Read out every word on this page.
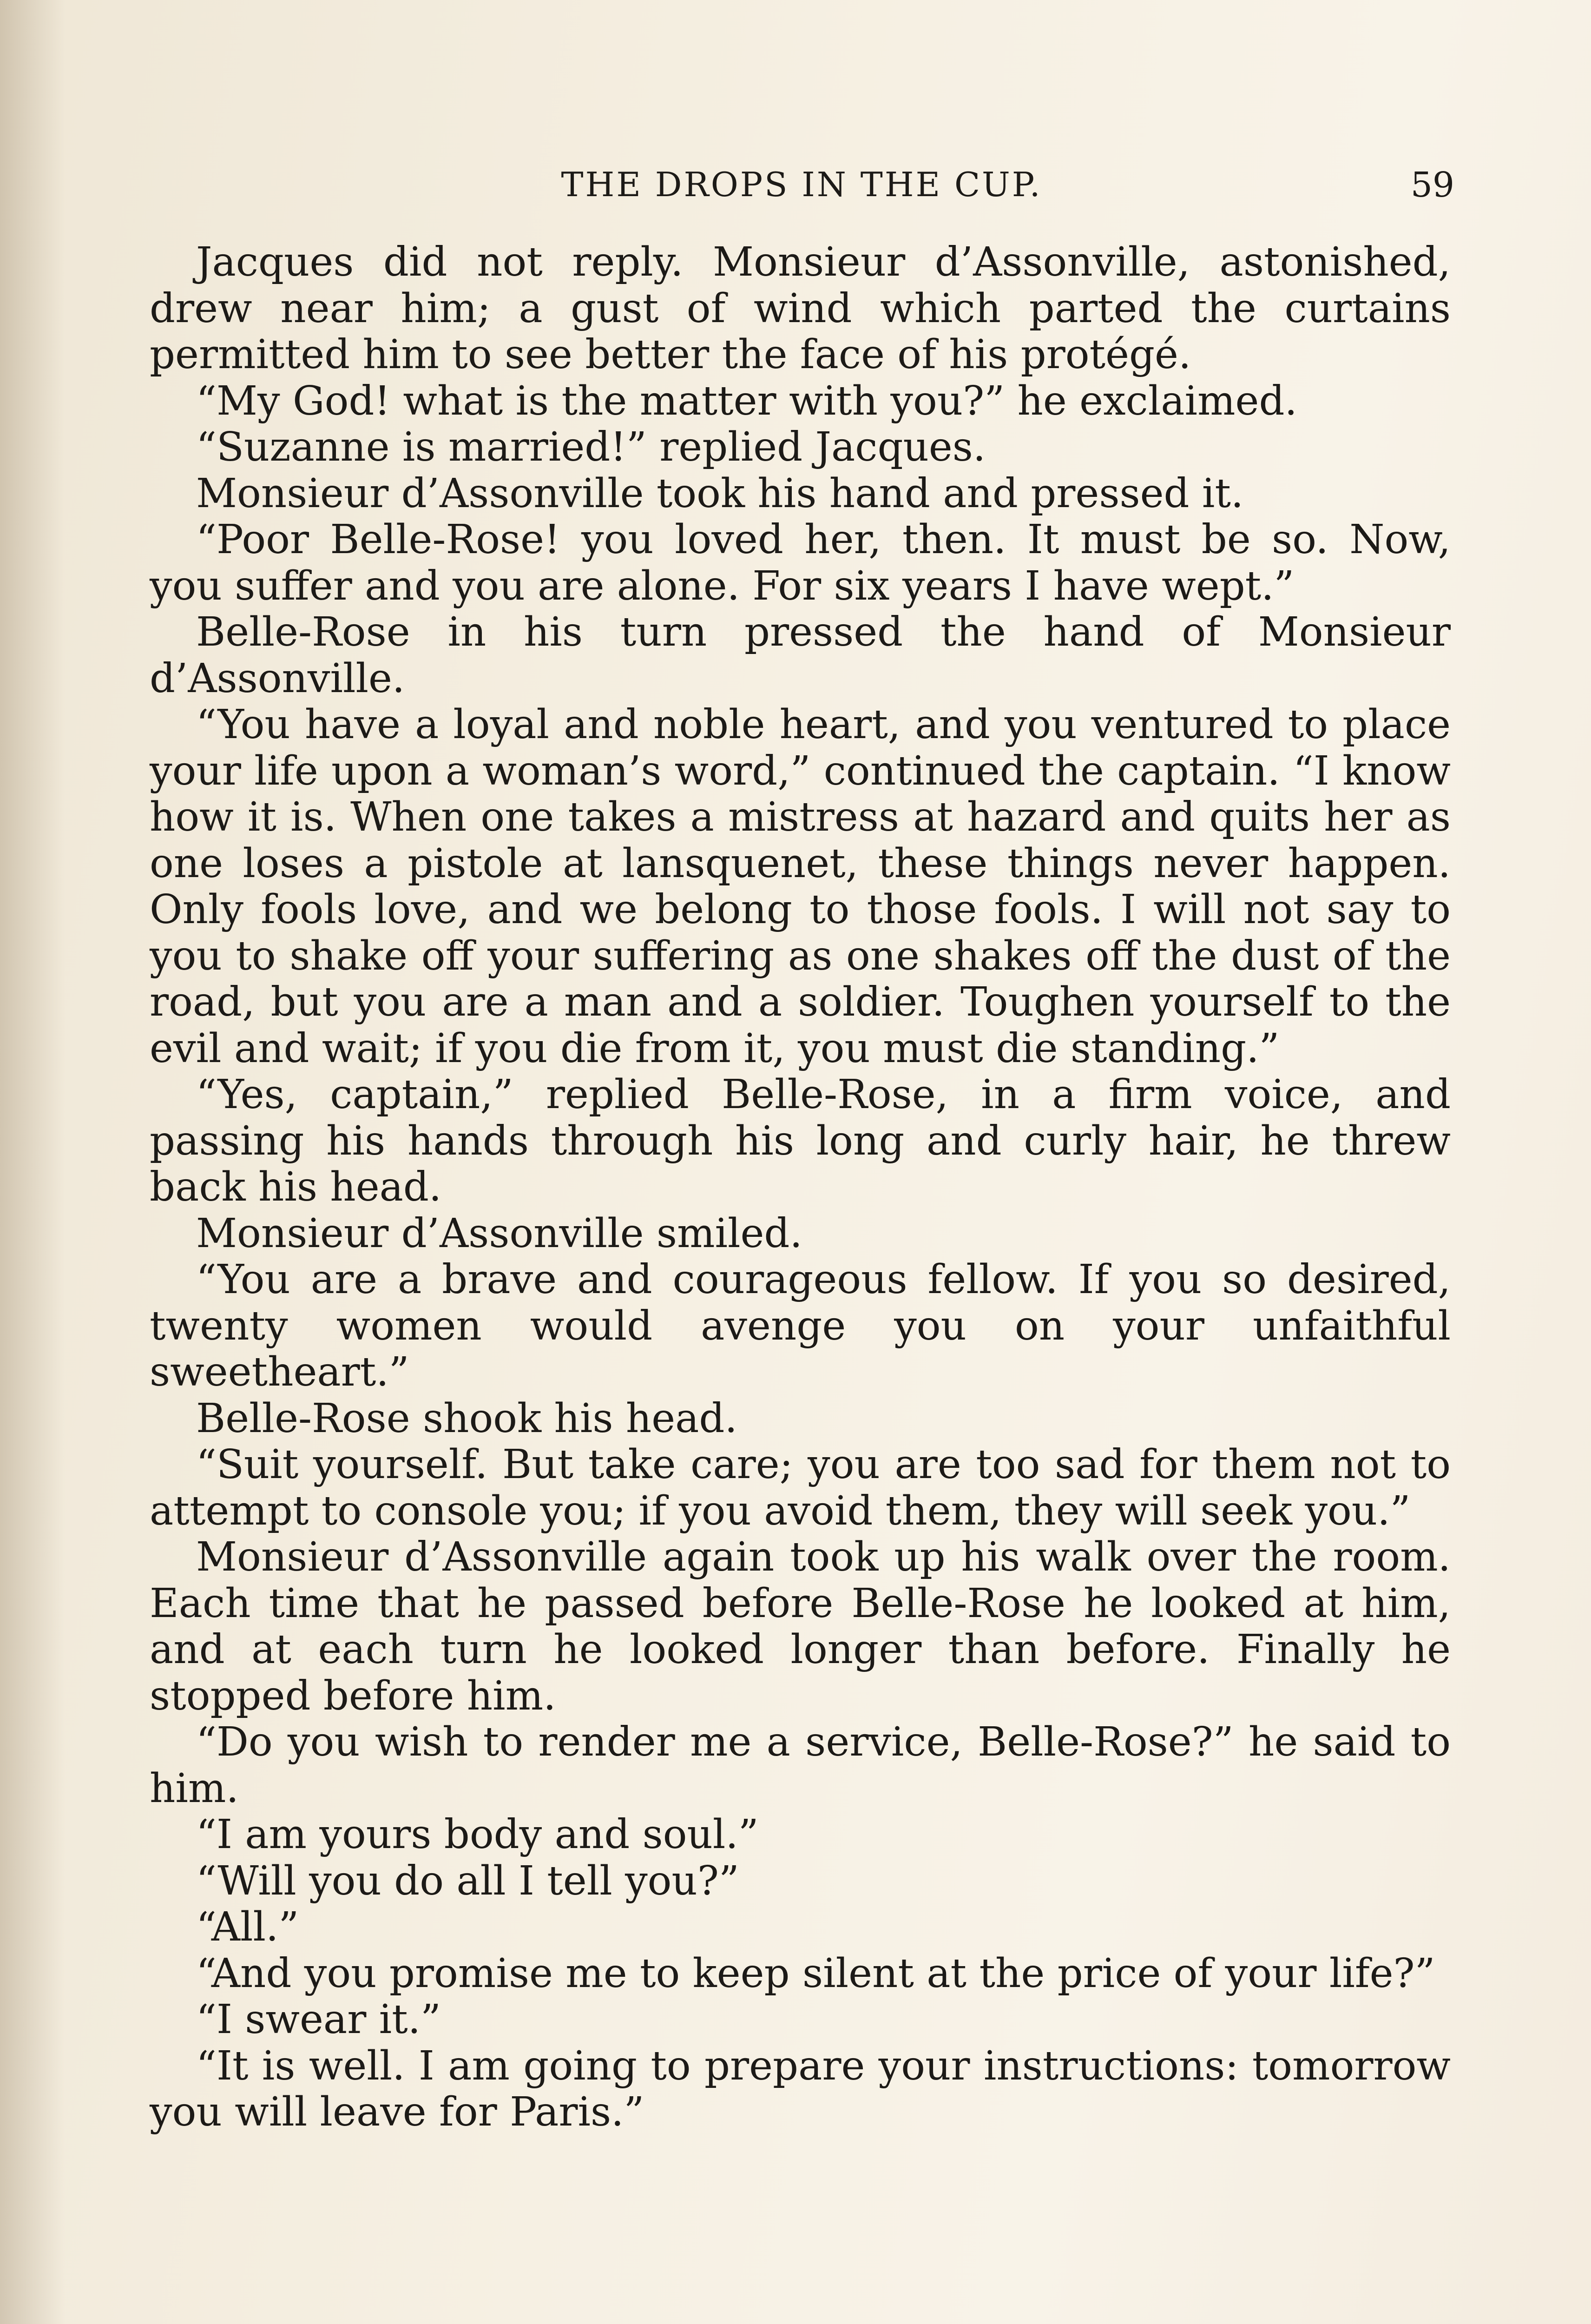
THE DROPS IN THE CUP.	59

Jacques did not reply. Monsieur d’Assonville, astonished, drew near him; a gust of wind which parted the curtains permitted him to see better the face of his protégé.

“My God! what is the matter with you?” he exclaimed.

“Suzanne is married!” replied Jacques.

Monsieur d’Assonville took his hand and pressed it.

“Poor Belle-Rose! you loved her, then. It must be so. Now, you suffer and you are alone. For six years I have wept.”

Belle-Rose in his turn pressed the hand of Monsieur d’Assonville.

“You have a loyal and noble heart, and you ventured to place your life upon a woman’s word,” continued the captain. “I know how it is. When one takes a mistress at hazard and quits her as one loses a pistole at lansquenet, these things never happen. Only fools love, and we belong to those fools. I will not say to you to shake off your suffering as one shakes off the dust of the road, but you are a man and a soldier. Toughen yourself to the evil and wait; if you die from it, you must die standing.”

“Yes, captain,” replied Belle-Rose, in a firm voice, and passing his hands through his long and curly hair, he threw back his head.

Monsieur d’Assonville smiled.

“You are a brave and courageous fellow. If you so desired, twenty women would avenge you on your unfaithful sweetheart.”

Belle-Rose shook his head.

“Suit yourself. But take care; you are too sad for them not to attempt to console you; if you avoid them, they will seek you.”

Monsieur d’Assonville again took up his walk over the room. Each time that he passed before Belle-Rose he looked at him, and at each turn he looked longer than before. Finally he stopped before him.

“Do you wish to render me a service, Belle-Rose?” he said to him.

“I am yours body and soul.”

“Will you do all I tell you?”

“All.”

“And you promise me to keep silent at the price of your life?”

“I swear it.”

“It is well. I am going to prepare your instructions: tomorrow you will leave for Paris.”
